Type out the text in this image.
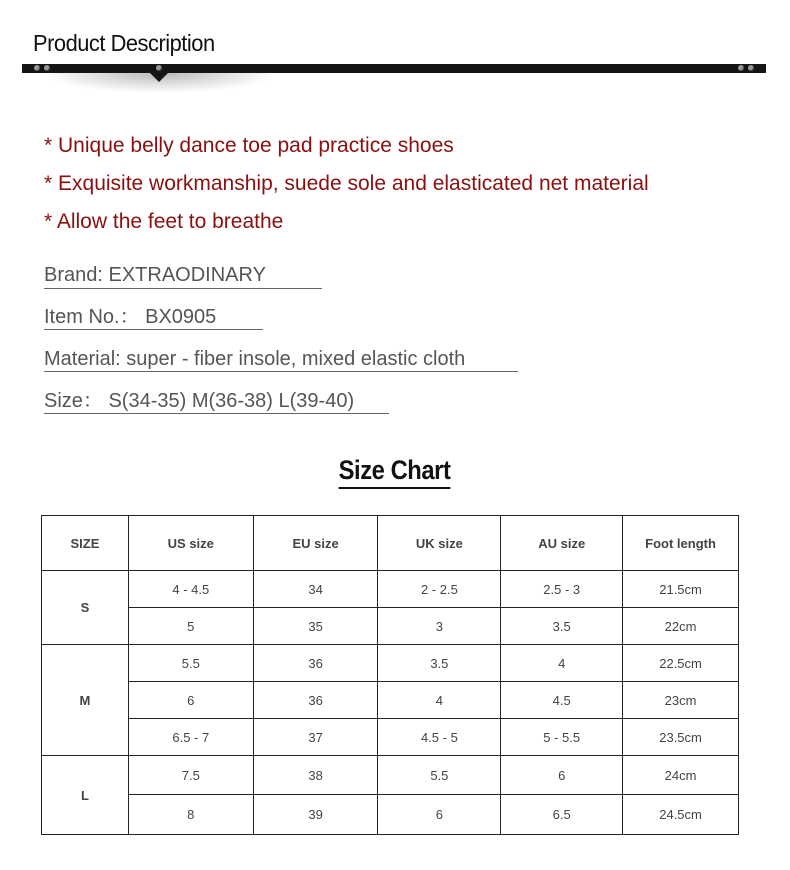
Product Description
* Unique belly dance toe pad practice shoes
* Exquisite workmanship, suede sole and elasticated net material
* Allow the feet to breathe
Brand: EXTRAODINARY
Item No.： BX0905
Material: super - fiber insole, mixed elastic cloth
Size： S(34-35) M(36-38) L(39-40)
Size Chart
SIZE	US size	EU size	UK size	AU size	Foot length
S	4 - 4.5	34	2 - 2.5	2.5 - 3	21.5cm
	5	35	3	3.5	22cm
M	5.5	36	3.5	4	22.5cm
	6	36	4	4.5	23cm
	6.5 - 7	37	4.5 - 5	5 - 5.5	23.5cm
L	7.5	38	5.5	6	24cm
	8	39	6	6.5	24.5cm
